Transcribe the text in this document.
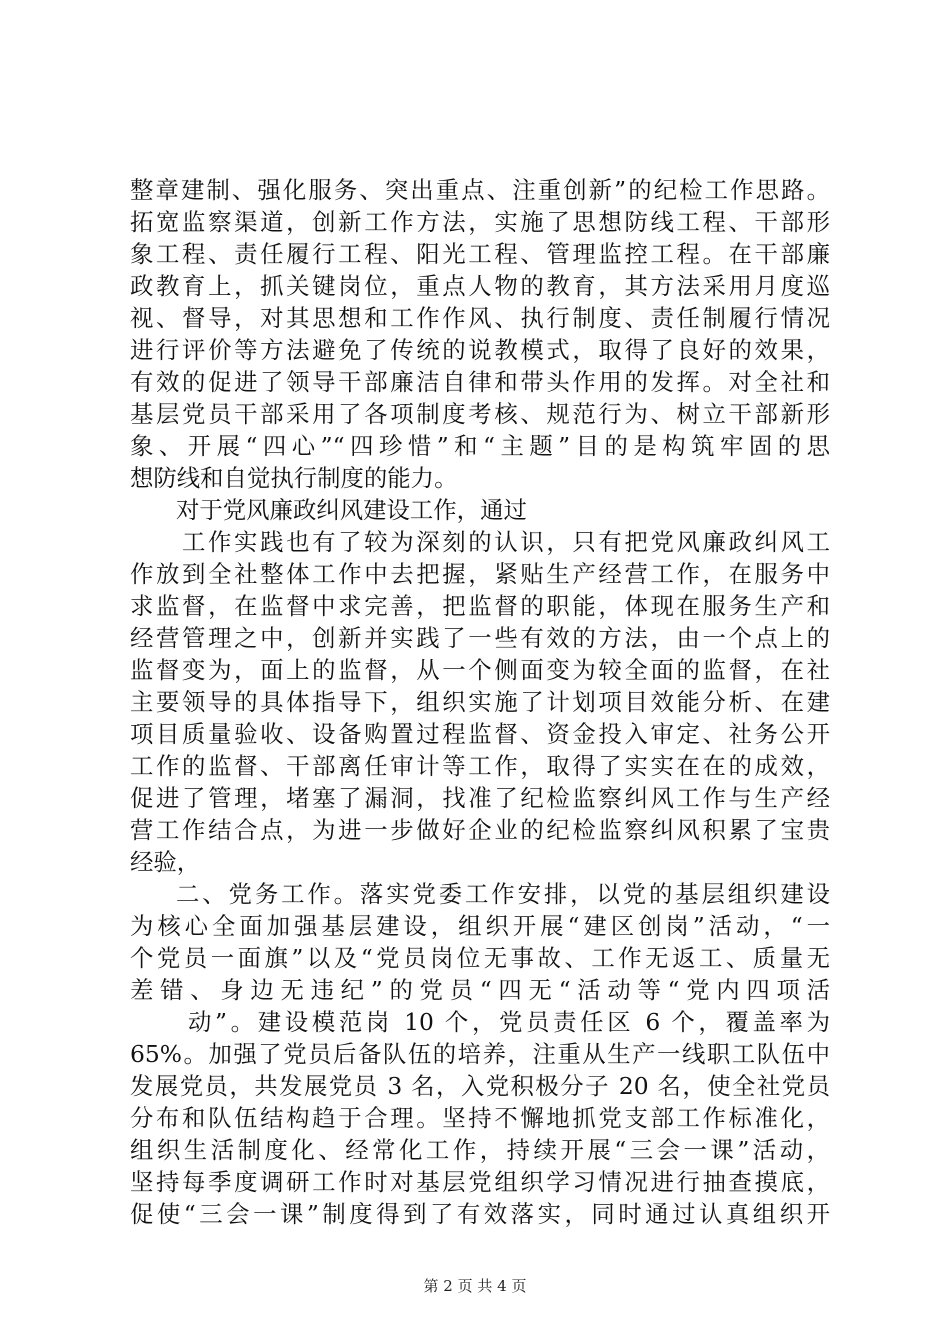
整章建制、强化服务、突出重点、注重创新”的纪检工作思路。
拓宽监察渠道，创新工作方法，实施了思想防线工程、干部形
象工程、责任履行工程、阳光工程、管理监控工程。在干部廉
政教育上，抓关键岗位，重点人物的教育，其方法采用月度巡
视、督导，对其思想和工作作风、执行制度、责任制履行情况
进行评价等方法避免了传统的说教模式，取得了良好的效果，
有效的促进了领导干部廉洁自律和带头作用的发挥。对全社和
基层党员干部采用了各项制度考核、规范行为、树立干部新形
象、开展“四心”“四珍惜”和“主题”目的是构筑牢固的思
想防线和自觉执行制度的能力。
对于党风廉政纠风建设工作，通过
工作实践也有了较为深刻的认识，只有把党风廉政纠风工
作放到全社整体工作中去把握，紧贴生产经营工作，在服务中
求监督，在监督中求完善，把监督的职能，体现在服务生产和
经营管理之中，创新并实践了一些有效的方法，由一个点上的
监督变为，面上的监督，从一个侧面变为较全面的监督，在社
主要领导的具体指导下，组织实施了计划项目效能分析、在建
项目质量验收、设备购置过程监督、资金投入审定、社务公开
工作的监督、干部离任审计等工作，取得了实实在在的成效，
促进了管理，堵塞了漏洞，找准了纪检监察纠风工作与生产经
营工作结合点，为进一步做好企业的纪检监察纠风积累了宝贵
经验，
二、党务工作。落实党委工作安排，以党的基层组织建设
为核心全面加强基层建设，组织开展“建区创岗”活动，“一
个党员一面旗”以及“党员岗位无事故、工作无返工、质量无
差错、身边无违纪”的党员“四无“活动等“党内四项活
动”。建设模范岗 10 个，党员责任区 6 个，覆盖率为
65%。加强了党员后备队伍的培养，注重从生产一线职工队伍中
发展党员，共发展党员 3 名，入党积极分子 20 名，使全社党员
分布和队伍结构趋于合理。坚持不懈地抓党支部工作标准化，
组织生活制度化、经常化工作，持续开展“三会一课”活动，
坚持每季度调研工作时对基层党组织学习情况进行抽查摸底，
促使“三会一课”制度得到了有效落实，同时通过认真组织开
第 2 页 共 4 页
